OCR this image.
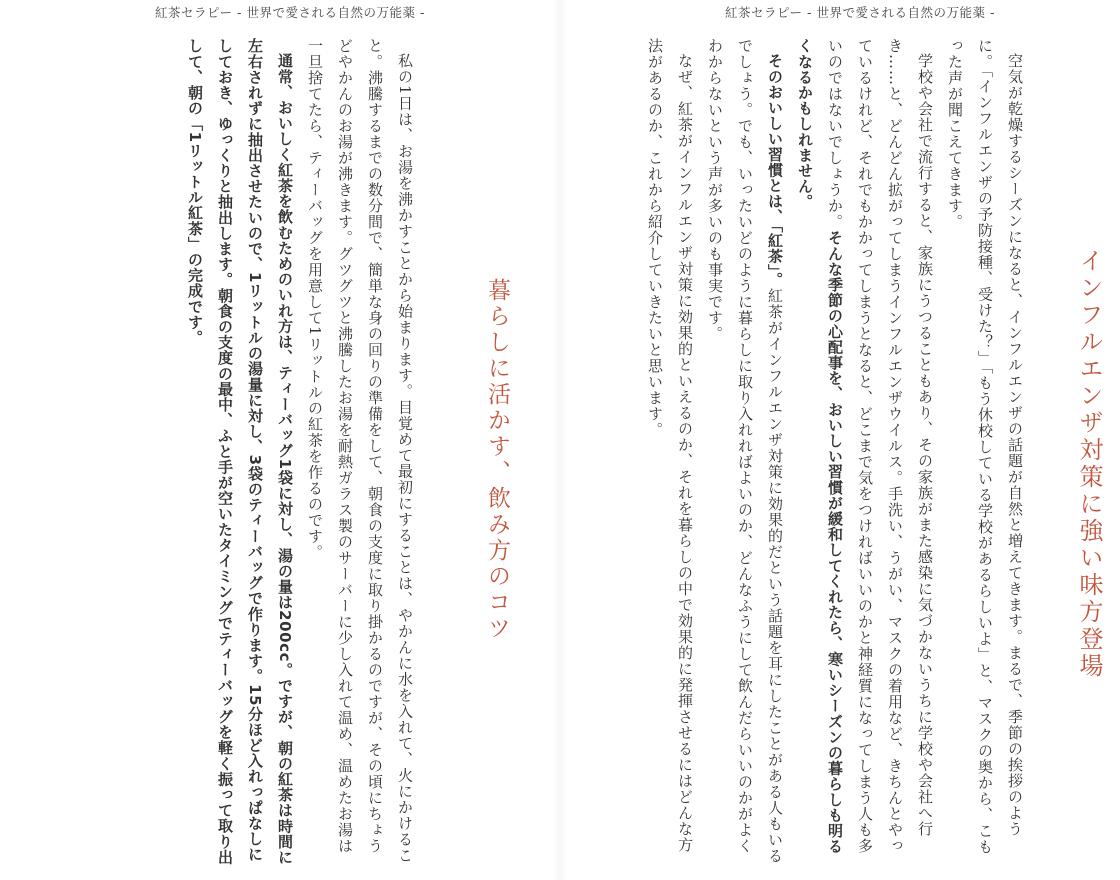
紅茶セラピー - 世界で愛される自然の万能薬 -

暮らしに活かす、飲み方のコツ

私の1日は、お湯を沸かすことから始まります。目覚めて最初にすることは、やかんに水を入れて、火にかけること。沸騰するまでの数分間で、簡単な身の回りの準備をして、朝食の支度に取り掛かるのですが、その頃にちょうどやかんのお湯が沸きます。グツグツと沸騰したお湯を耐熱ガラス製のサーバーに少し入れて温め、温めたお湯は一旦捨てたら、ティーバッグを用意して1リットルの紅茶を作るのです。

通常、おいしく紅茶を飲むためのいれ方は、ティーバッグ1袋に対し、湯の量は200cc。ですが、朝の紅茶は時間に左右されずに抽出させたいので、1リットルの湯量に対し、3袋のティーバッグで作ります。15分ほど入れっぱなしにしておき、ゆっくりと抽出します。朝食の支度の最中、ふと手が空いたタイミングでティーバッグを軽く振って取り出して、朝の「1リットル紅茶」の完成です。

紅茶セラピー - 世界で愛される自然の万能薬 -

インフルエンザ対策に強い味方登場

空気が乾燥するシーズンになると、インフルエンザの話題が自然と増えてきます。まるで、季節の挨拶のように。「インフルエンザの予防接種、受けた？」「もう休校している学校があるらしいよ」と、マスクの奥から、こもった声が聞こえてきます。

学校や会社で流行すると、家族にうつることもあり、その家族がまた感染に気づかないうちに学校や会社へ行き……と、どんどん拡がってしまうインフルエンザウイルス。手洗い、うがい、マスクの着用など、きちんとやっているけれど、それでもかかってしまうとなると、どこまで気をつければいいのかと神経質になってしまう人も多いのではないでしょうか。そんな季節の心配事を、おいしい習慣が緩和してくれたら、寒いシーズンの暮らしも明るくなるかもしれません。

そのおいしい習慣とは、「紅茶」。紅茶がインフルエンザ対策に効果的だという話題を耳にしたことがある人もいるでしょう。でも、いったいどのように暮らしに取り入れればよいのか、どんなふうにして飲んだらいいのかがよくわからないという声が多いのも事実です。

なぜ、紅茶がインフルエンザ対策に効果的といえるのか、それを暮らしの中で効果的に発揮させるにはどんな方法があるのか、これから紹介していきたいと思います。
